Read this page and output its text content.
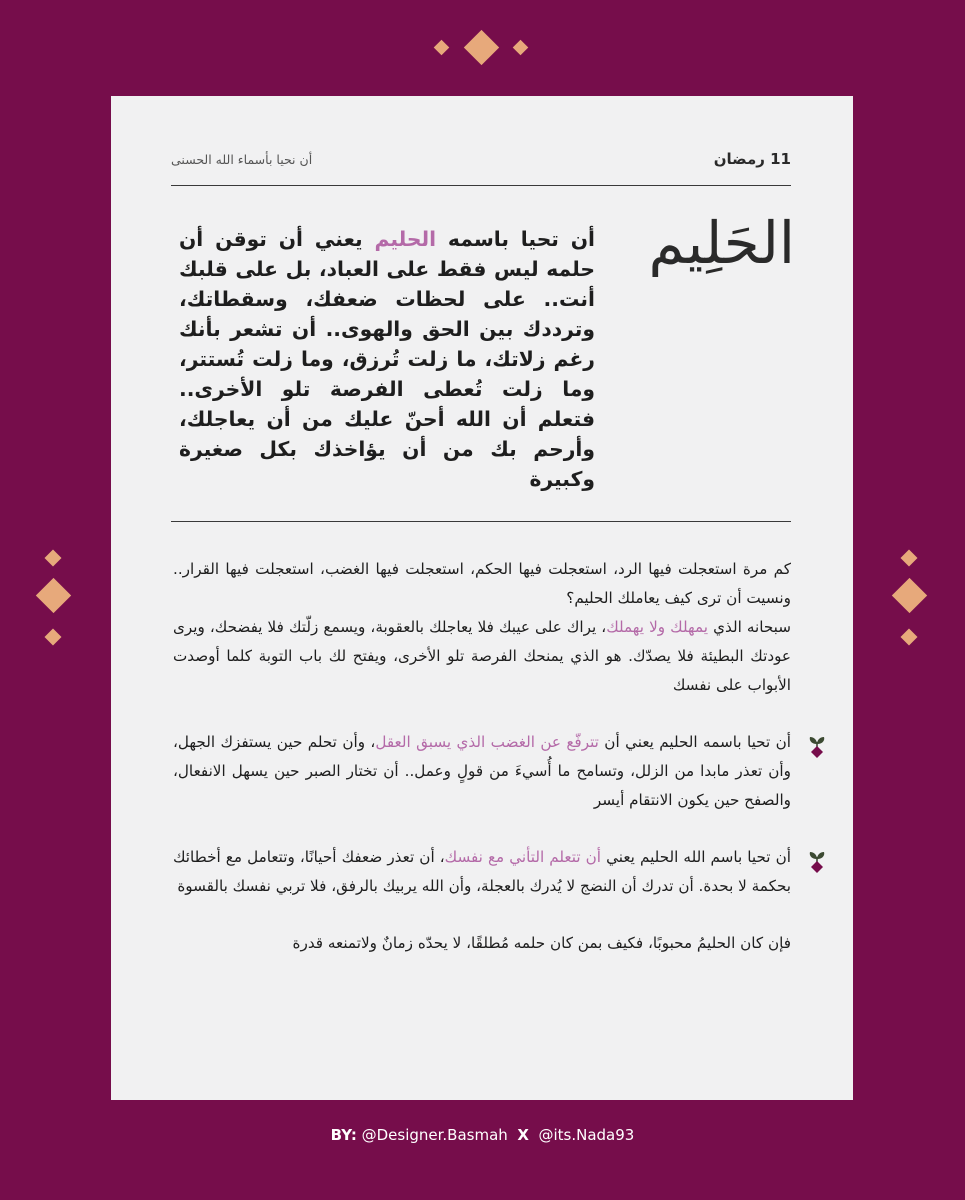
11 رمضان
أن نحيا بأسماء الله الحسنى
الحَلِيم
أن تحيا باسمه الحليم يعني أن توقن أن حلمه ليس فقط على العباد، بل على قلبك أنت.. على لحظات ضعفك، وسقطاتك، وترددك بين الحق والهوى.. أن تشعر بأنك رغم زلاتك، ما زلت تُرزق، وما زلت تُستتر، وما زلت تُعطى الفرصة تلو الأخرى.. فتعلم أن الله أحنّ عليك من أن يعاجلك، وأرحم بك من أن يؤاخذك بكل صغيرة وكبيرة
كم مرة استعجلت فيها الرد، استعجلت فيها الحكم، استعجلت فيها الغضب، استعجلت فيها القرار.. ونسيت أن ترى كيف يعاملك الحليم؟
سبحانه الذي يمهلك ولا يهملك، يراك على عيبك فلا يعاجلك بالعقوبة، ويسمع زلّتك فلا يفضحك، ويرى عودتك البطيئة فلا يصدّك. هو الذي يمنحك الفرصة تلو الأخرى، ويفتح لك باب التوبة كلما أوصدت الأبواب على نفسك
أن تحيا باسمه الحليم يعني أن تترفّع عن الغضب الذي يسبق العقل، وأن تحلم حين يستفزك الجهل، وأن تعذر مابدا من الزلل، وتسامح ما أُسيءَ من قولٍ وعمل.. أن تختار الصبر حين يسهل الانفعال، والصفح حين يكون الانتقام أيسر
أن تحيا باسم الله الحليم يعني أن تتعلم التأني مع نفسك، أن تعذر ضعفك أحيانًا، وتتعامل مع أخطائك بحكمة لا بحدة. أن تدرك أن النضج لا يُدرك بالعجلة، وأن الله يربيك بالرفق، فلا تربي نفسك بالقسوة
فإن كان الحليمُ محبوبًا، فكيف بمن كان حلمه مُطلقًا، لا يحدّه زمانٌ ولاتمنعه قدرة
BY: @Designer.Basmah X @its.Nada93
